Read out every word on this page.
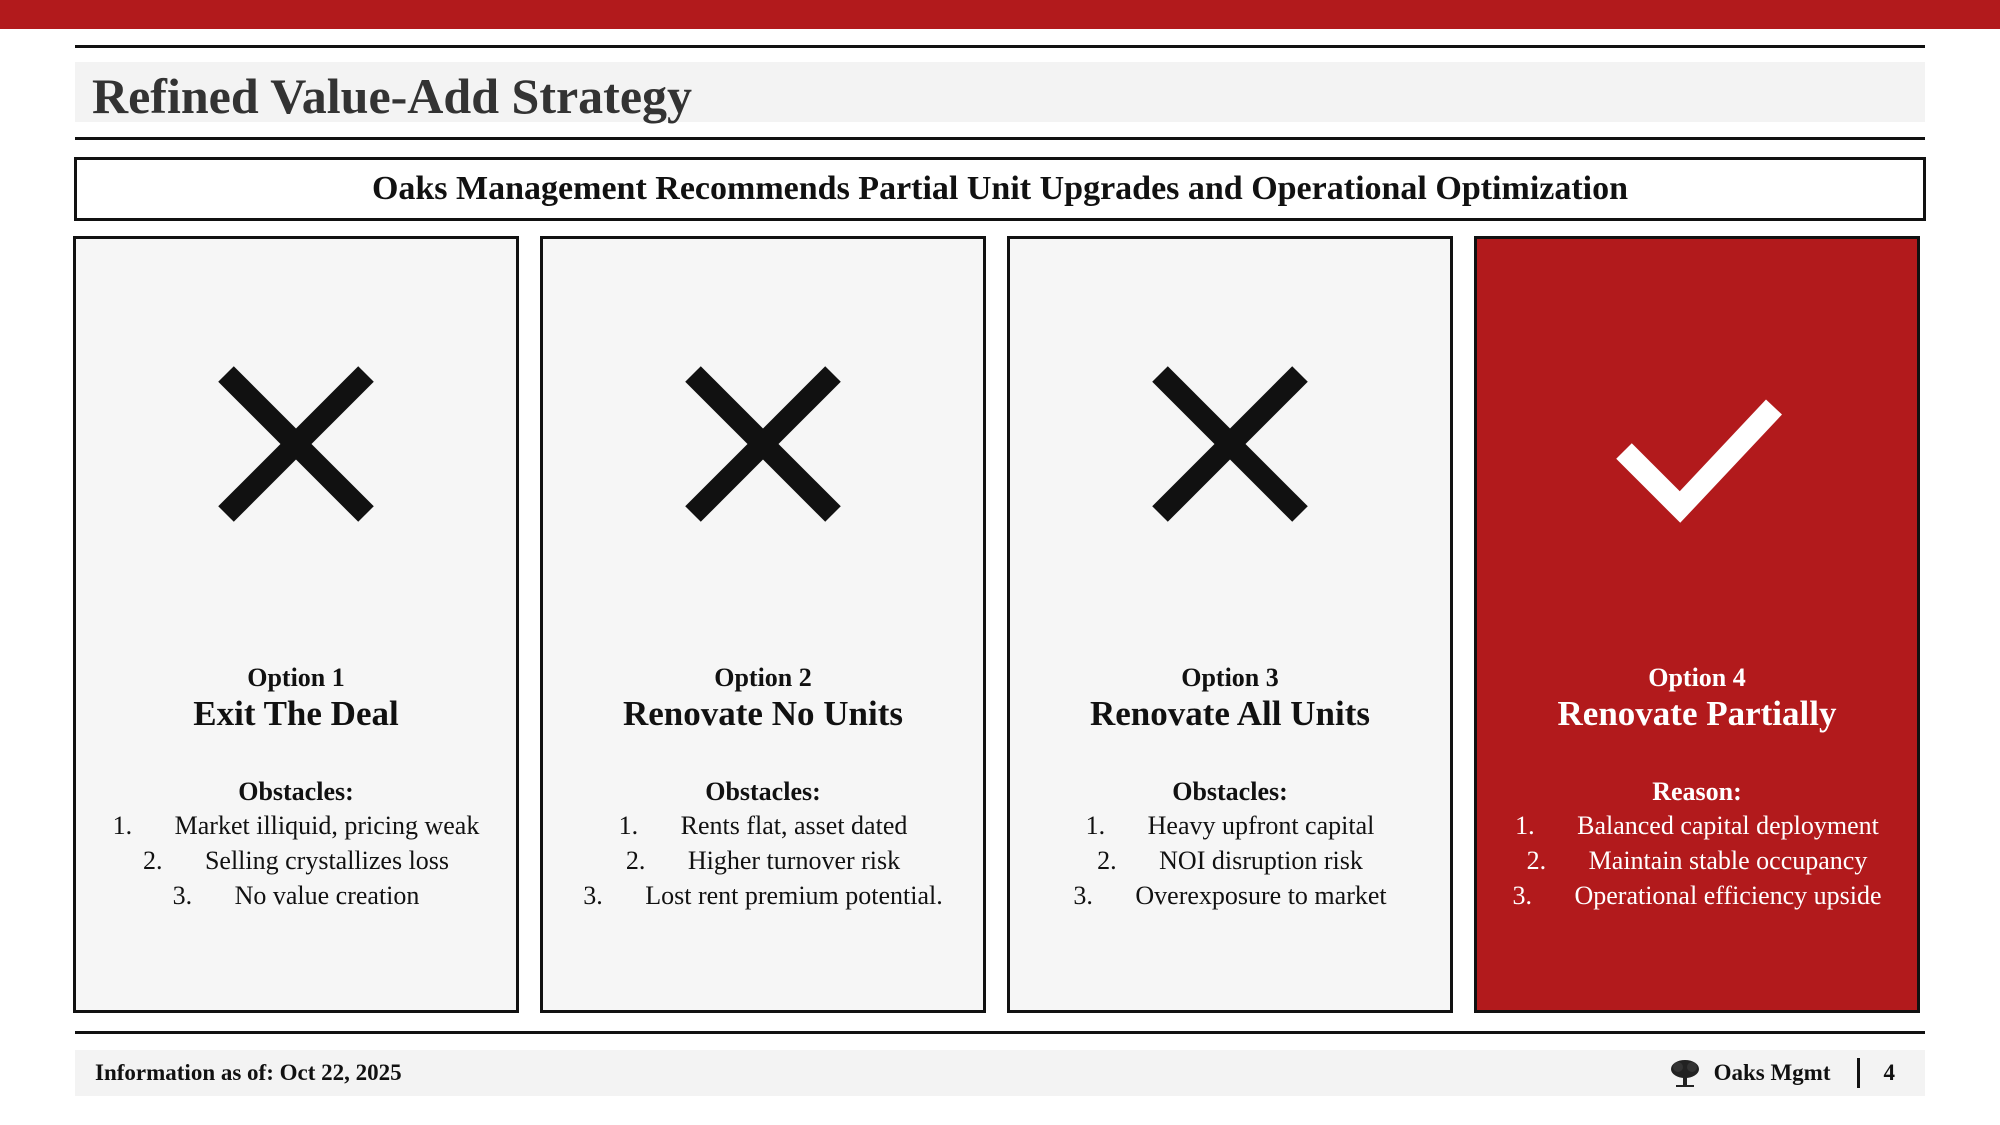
Refined Value-Add Strategy
Oaks Management Recommends Partial Unit Upgrades and Operational Optimization
Option 1
Exit The Deal
Obstacles:
1. Market illiquid, pricing weak
2. Selling crystallizes loss
3. No value creation
Option 2
Renovate No Units
Obstacles:
1. Rents flat, asset dated
2. Higher turnover risk
3. Lost rent premium potential.
Option 3
Renovate All Units
Obstacles:
1. Heavy upfront capital
2. NOI disruption risk
3. Overexposure to market
Option 4
Renovate Partially
Reason:
1. Balanced capital deployment
2. Maintain stable occupancy
3. Operational efficiency upside
Information as of: Oct 22, 2025	Oaks Mgmt 4
